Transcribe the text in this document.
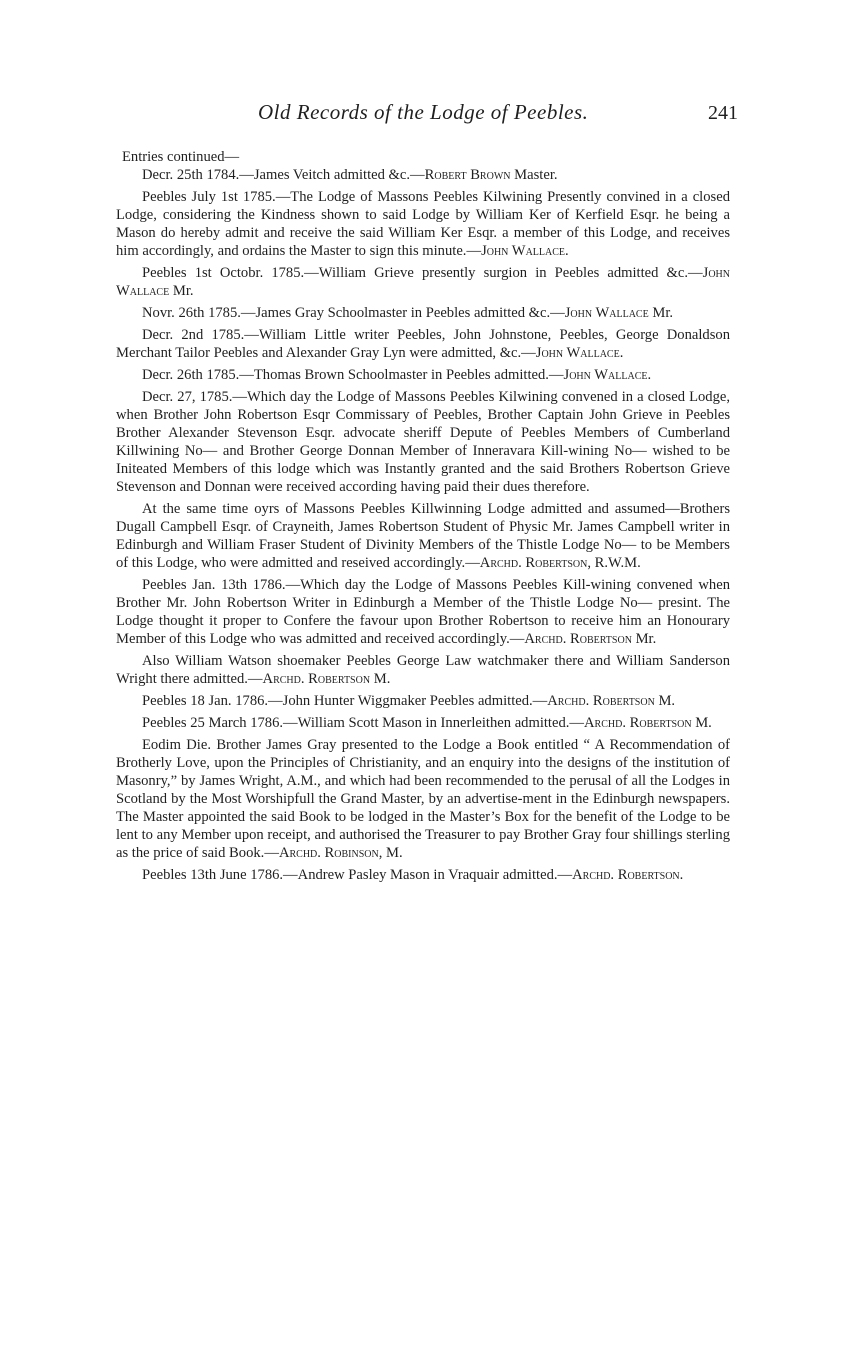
Old Records of the Lodge of Peebles.	241

Entries continued—

Decr. 25th 1784.—James Veitch admitted &c.—Robert Brown Master.

Peebles July 1st 1785.—The Lodge of Massons Peebles Kilwining Presently convined in a closed Lodge, considering the Kindness shown to said Lodge by William Ker of Kerfield Esqr. he being a Mason do hereby admit and receive the said William Ker Esqr. a member of this Lodge, and receives him accordingly, and ordains the Master to sign this minute.—John Wallace.

Peebles 1st Octobr. 1785.—William Grieve presently surgion in Peebles admitted &c.—John Wallace Mr.

Novr. 26th 1785.—James Gray Schoolmaster in Peebles admitted &c.—John Wallace Mr.

Decr. 2nd 1785.—William Little writer Peebles, John Johnstone, Peebles, George Donaldson Merchant Tailor Peebles and Alexander Gray Lyn were admitted, &c.—John Wallace.

Decr. 26th 1785.—Thomas Brown Schoolmaster in Peebles admitted.—John Wallace.

Decr. 27, 1785.—Which day the Lodge of Massons Peebles Kilwining convened in a closed Lodge, when Brother John Robertson Esqr Commissary of Peebles, Brother Captain John Grieve in Peebles Brother Alexander Stevenson Esqr. advocate sheriff Depute of Peebles Members of Cumberland Killwining No— and Brother George Donnan Member of Inneravara Kill-wining No— wished to be Initeated Members of this lodge which was Instantly granted and the said Brothers Robertson Grieve Stevenson and Donnan were received according having paid their dues therefore.

At the same time oyrs of Massons Peebles Killwinning Lodge admitted and assumed—Brothers Dugall Campbell Esqr. of Crayneith, James Robertson Student of Physic Mr. James Campbell writer in Edinburgh and William Fraser Student of Divinity Members of the Thistle Lodge No— to be Members of this Lodge, who were admitted and reseived accordingly.—Archd. Robertson, R.W.M.

Peebles Jan. 13th 1786.—Which day the Lodge of Massons Peebles Kill-wining convened when Brother Mr. John Robertson Writer in Edinburgh a Member of the Thistle Lodge No— presint. The Lodge thought it proper to Confere the favour upon Brother Robertson to receive him an Honourary Member of this Lodge who was admitted and received accordingly.—Archd. Robertson Mr.

Also William Watson shoemaker Peebles George Law watchmaker there and William Sanderson Wright there admitted.—Archd. Robertson M.

Peebles 18 Jan. 1786.—John Hunter Wiggmaker Peebles admitted.—Archd. Robertson M.

Peebles 25 March 1786.—William Scott Mason in Innerleithen admitted.—Archd. Robertson M.

Eodim Die. Brother James Gray presented to the Lodge a Book entitled “ A Recommendation of Brotherly Love, upon the Principles of Christianity, and an enquiry into the designs of the institution of Masonry,” by James Wright, A.M., and which had been recommended to the perusal of all the Lodges in Scotland by the Most Worshipfull the Grand Master, by an advertise-ment in the Edinburgh newspapers. The Master appointed the said Book to be lodged in the Master’s Box for the benefit of the Lodge to be lent to any Member upon receipt, and authorised the Treasurer to pay Brother Gray four shillings sterling as the price of said Book.—Archd. Robinson, M.

Peebles 13th June 1786.—Andrew Pasley Mason in Vraquair admitted.—Archd. Robertson.
